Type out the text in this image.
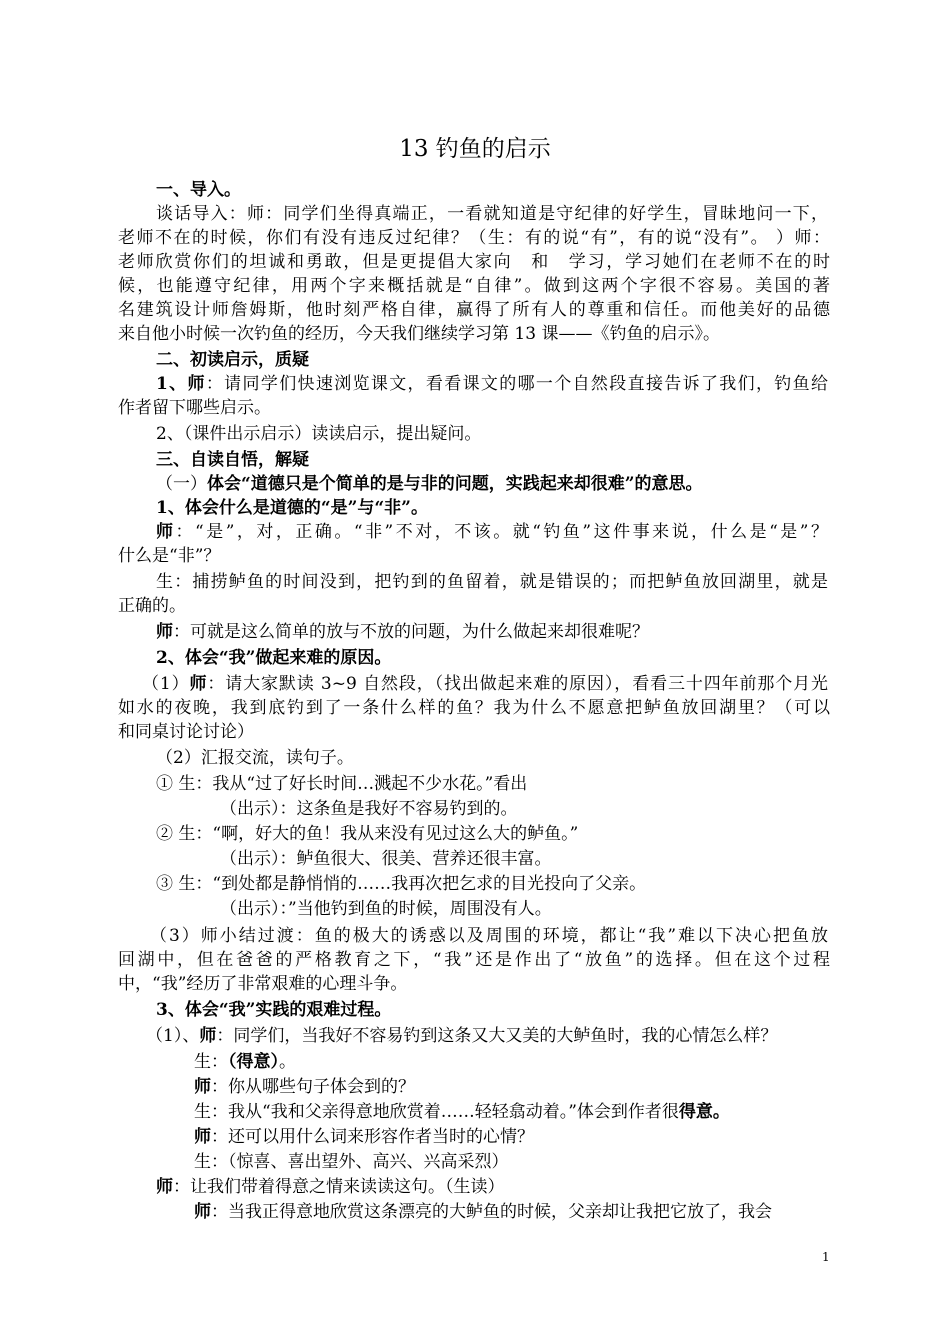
13 钓鱼的启示
一、导入。
谈话导入：师：同学们坐得真端正，一看就知道是守纪律的好学生，冒昧地问一下，
老师不在的时候，你们有没有违反过纪律？（生：有的说“有”，有的说“没有”。 ）师：
老师欣赏你们的坦诚和勇敢，但是更提倡大家向　和　学习，学习她们在老师不在的时
候，也能遵守纪律，用两个字来概括就是“自律”。做到这两个字很不容易。美国的著
名建筑设计师詹姆斯，他时刻严格自律，赢得了所有人的尊重和信任。而他美好的品德
来自他小时候一次钓鱼的经历，今天我们继续学习第 13 课——《钓鱼的启示》。
二、初读启示，质疑
1、师：请同学们快速浏览课文，看看课文的哪一个自然段直接告诉了我们，钓鱼给
作者留下哪些启示。
2、（课件出示启示）读读启示，提出疑问。
三、自读自悟，解疑
（一）体会“道德只是个简单的是与非的问题，实践起来却很难”的意思。
1、体会什么是道德的“是”与“非”。
师：“是”，对，正确。“非”不对，不该。就“钓鱼”这件事来说，什么是“是”？
什么是“非”？
生：捕捞鲈鱼的时间没到，把钓到的鱼留着，就是错误的；而把鲈鱼放回湖里，就是
正确的。
师：可就是这么简单的放与不放的问题，为什么做起来却很难呢？
2、体会“我”做起来难的原因。
（1）师：请大家默读 3~9 自然段，（找出做起来难的原因），看看三十四年前那个月光
如水的夜晚，我到底钓到了一条什么样的鱼？我为什么不愿意把鲈鱼放回湖里？（可以
和同桌讨论讨论）
（2）汇报交流，读句子。
① 生：我从“过了好长时间…溅起不少水花。”看出
（出示）：这条鱼是我好不容易钓到的。
② 生：“啊，好大的鱼！我从来没有见过这么大的鲈鱼。”
（出示）：鲈鱼很大、很美、营养还很丰富。
③ 生：“到处都是静悄悄的……我再次把乞求的目光投向了父亲。
（出示）：”当他钓到鱼的时候，周围没有人。
（3）师小结过渡：鱼的极大的诱惑以及周围的环境，都让“我”难以下决心把鱼放
回湖中，但在爸爸的严格教育之下，“我”还是作出了“放鱼”的选择。但在这个过程
中，“我”经历了非常艰难的心理斗争。
3、体会“我”实践的艰难过程。
（1）、师：同学们，当我好不容易钓到这条又大又美的大鲈鱼时，我的心情怎么样？
生：（得意）。
师：你从哪些句子体会到的？
生：我从“我和父亲得意地欣赏着……轻轻翕动着。”体会到作者很得意。
师：还可以用什么词来形容作者当时的心情？
生：（惊喜、喜出望外、高兴、兴高采烈）
师：让我们带着得意之情来读读这句。（生读）
师：当我正得意地欣赏这条漂亮的大鲈鱼的时候，父亲却让我把它放了，我会
1
